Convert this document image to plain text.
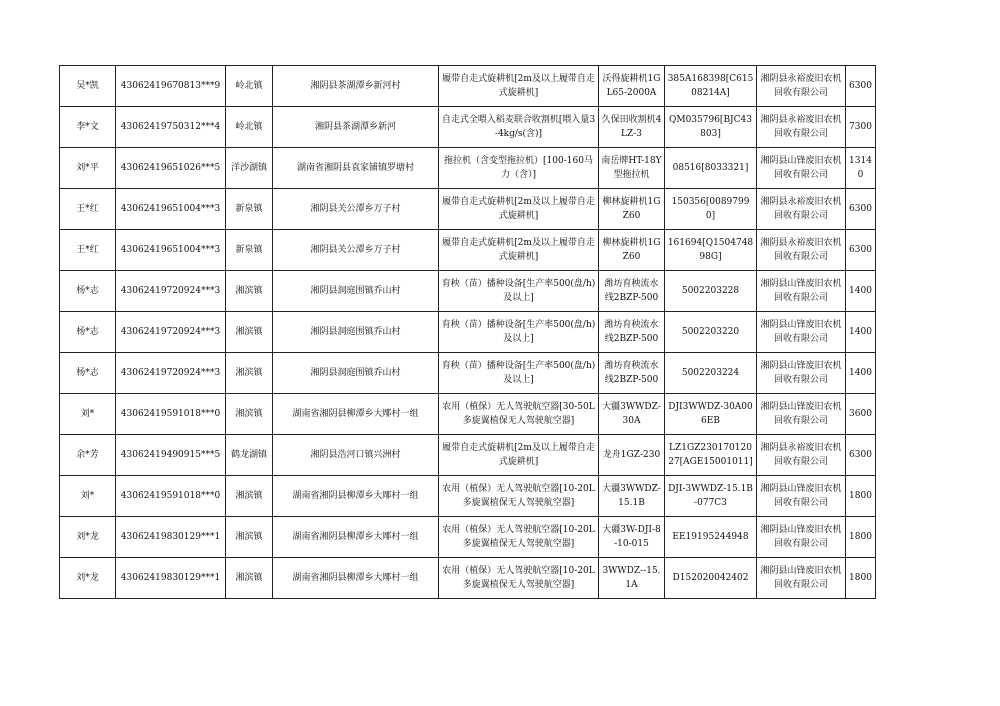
吴*凯	43062419670813***9	岭北镇	湘阴县茶湖潭乡新河村	履带自走式旋耕机[2m及以上履带自走式旋耕机]	沃得旋耕机1GL65-2000A	385A168398[C61508214A]	湘阴县永裕废旧农机回收有限公司	6300
李*文	43062419750312***4	岭北镇	湘阴县茶湖潭乡新河	自走式全喂入稻麦联合收割机[喂入量3-4kg/s(含)]	久保田收割机4LZ-3	QM035796[BJC43803]	湘阴县永裕废旧农机回收有限公司	7300
刘*平	43062419651026***5	洋沙湖镇	湖南省湘阴县袁家铺镇罗塘村	拖拉机（含变型拖拉机）[100-160马力（含）]	南岳牌HT-18Y型拖拉机	08516[8033321]	湘阴县山锋废旧农机回收有限公司	13140
王*红	43062419651004***3	新泉镇	湘阴县关公潭乡万子村	履带自走式旋耕机[2m及以上履带自走式旋耕机]	柳林旋耕机1GZ60	150356[00897990]	湘阴县永裕废旧农机回收有限公司	6300
王*红	43062419651004***3	新泉镇	湘阴县关公潭乡万子村	履带自走式旋耕机[2m及以上履带自走式旋耕机]	柳林旋耕机1GZ60	161694[Q150474898G]	湘阴县永裕废旧农机回收有限公司	6300
杨*志	43062419720924***3	湘滨镇	湘阴县洞庭围镇乔山村	育秧（苗）播种设备[生产率500(盘/h)及以上]	潍坊育秧流水线2BZP-500	5002203228	湘阴县山锋废旧农机回收有限公司	1400
杨*志	43062419720924***3	湘滨镇	湘阴县洞庭围镇乔山村	育秧（苗）播种设备[生产率500(盘/h)及以上]	潍坊育秧流水线2BZP-500	5002203220	湘阴县山锋废旧农机回收有限公司	1400
杨*志	43062419720924***3	湘滨镇	湘阴县洞庭围镇乔山村	育秧（苗）播种设备[生产率500(盘/h)及以上]	潍坊育秧流水线2BZP-500	5002203224	湘阴县山锋废旧农机回收有限公司	1400
刘*	43062419591018***0	湘滨镇	湖南省湘阴县柳潭乡大郮村一组	农用（植保）无人驾驶航空器[30-50L多旋翼植保无人驾驶航空器]	大疆3WWDZ-30A	DJI3WWDZ-30A006EB	湘阴县山锋废旧农机回收有限公司	3600
余*芳	43062419490915***5	鹤龙湖镇	湘阴县浩河口镇兴洲村	履带自走式旋耕机[2m及以上履带自走式旋耕机]	龙舟1GZ-230	LZ1GZ23017012027[AGE15001011]	湘阴县永裕废旧农机回收有限公司	6300
刘*	43062419591018***0	湘滨镇	湖南省湘阴县柳潭乡大郮村一组	农用（植保）无人驾驶航空器[10-20L多旋翼植保无人驾驶航空器]	大疆3WWDZ-15.1B	DJI-3WWDZ-15.1B-077C3	湘阴县山锋废旧农机回收有限公司	1800
刘*龙	43062419830129***1	湘滨镇	湖南省湘阴县柳潭乡大郮村一组	农用（植保）无人驾驶航空器[10-20L多旋翼植保无人驾驶航空器]	大疆3W-DJI-8-10-015	EE19195244948	湘阴县山锋废旧农机回收有限公司	1800
刘*龙	43062419830129***1	湘滨镇	湖南省湘阴县柳潭乡大郮村一组	农用（植保）无人驾驶航空器[10-20L多旋翼植保无人驾驶航空器]	3WWDZ--15.1A	D152020042402	湘阴县山锋废旧农机回收有限公司	1800
